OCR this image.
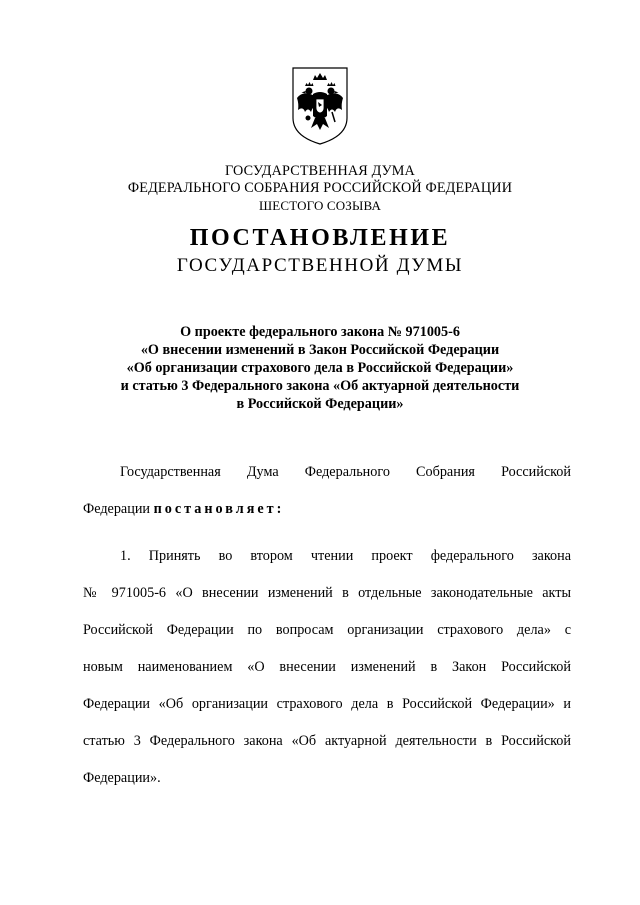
ГОСУДАРСТВЕННАЯ ДУМА
ФЕДЕРАЛЬНОГО СОБРАНИЯ РОССИЙСКОЙ ФЕДЕРАЦИИ
ШЕСТОГО СОЗЫВА
ПОСТАНОВЛЕНИЕ
ГОСУДАРСТВЕННОЙ ДУМЫ
О проекте федерального закона № 971005-6
«О внесении изменений в Закон Российской Федерации
«Об организации страхового дела в Российской Федерации»
и статью 3 Федерального закона «Об актуарной деятельности
в Российской Федерации»
Государственная Дума Федерального Собрания Российской
Федерации постановляет:
1. Принять во втором чтении проект федерального закона
№ 971005-6 «О внесении изменений в отдельные законодательные акты
Российской Федерации по вопросам организации страхового дела» с
новым наименованием «О внесении изменений в Закон Российской
Федерации «Об организации страхового дела в Российской Федерации» и
статью 3 Федерального закона «Об актуарной деятельности в Российской
Федерации».
